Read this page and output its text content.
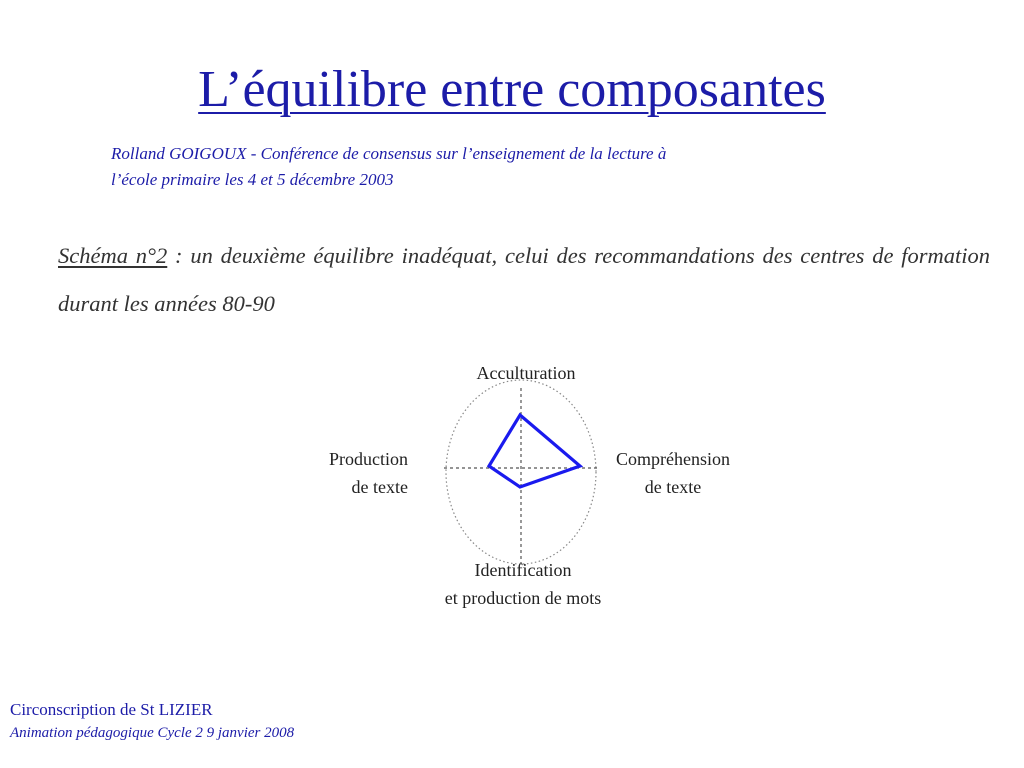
L’équilibre entre composantes
Rolland GOIGOUX - Conférence de consensus sur l’enseignement de la lecture à
l’école primaire les 4 et 5 décembre 2003
Schéma n°2 : un deuxième équilibre inadéquat, celui des recommandations des centres de formation durant les années 80-90
Acculturation
Production
de texte
Compréhension
de texte
Identification
et production de mots
Circonscription de St LIZIER
Animation pédagogique Cycle 2 9 janvier 2008
